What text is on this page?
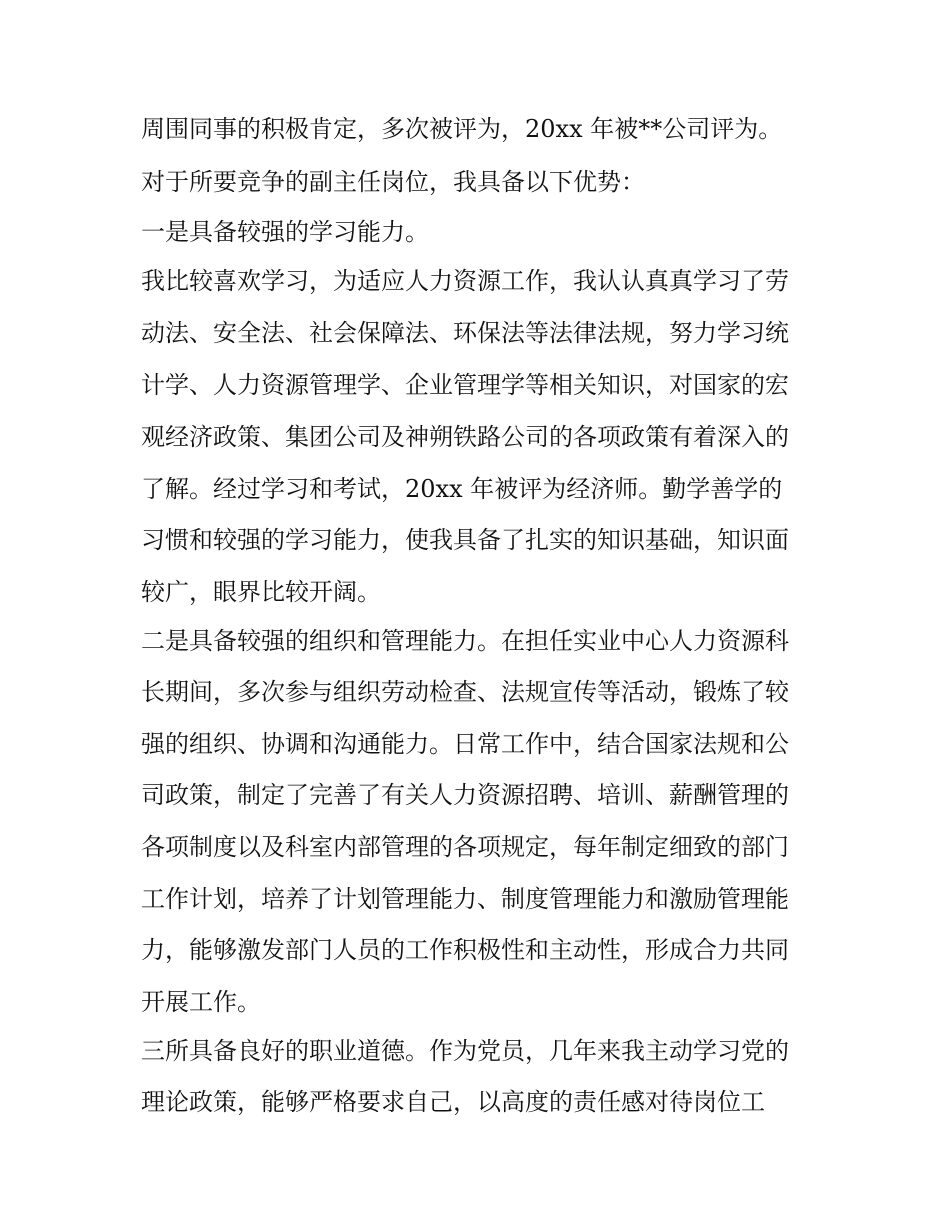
周围同事的积极肯定，多次被评为，20xx 年被**公司评为。
对于所要竞争的副主任岗位，我具备以下优势：
一是具备较强的学习能力。
我比较喜欢学习，为适应人力资源工作，我认认真真学习了劳
动法、安全法、社会保障法、环保法等法律法规，努力学习统
计学、人力资源管理学、企业管理学等相关知识，对国家的宏
观经济政策、集团公司及神朔铁路公司的各项政策有着深入的
了解。经过学习和考试，20xx 年被评为经济师。勤学善学的
习惯和较强的学习能力，使我具备了扎实的知识基础，知识面
较广，眼界比较开阔。
二是具备较强的组织和管理能力。在担任实业中心人力资源科
长期间，多次参与组织劳动检查、法规宣传等活动，锻炼了较
强的组织、协调和沟通能力。日常工作中，结合国家法规和公
司政策，制定了完善了有关人力资源招聘、培训、薪酬管理的
各项制度以及科室内部管理的各项规定，每年制定细致的部门
工作计划，培养了计划管理能力、制度管理能力和激励管理能
力，能够激发部门人员的工作积极性和主动性，形成合力共同
开展工作。
三所具备良好的职业道德。作为党员，几年来我主动学习党的
理论政策，能够严格要求自己，以高度的责任感对待岗位工
